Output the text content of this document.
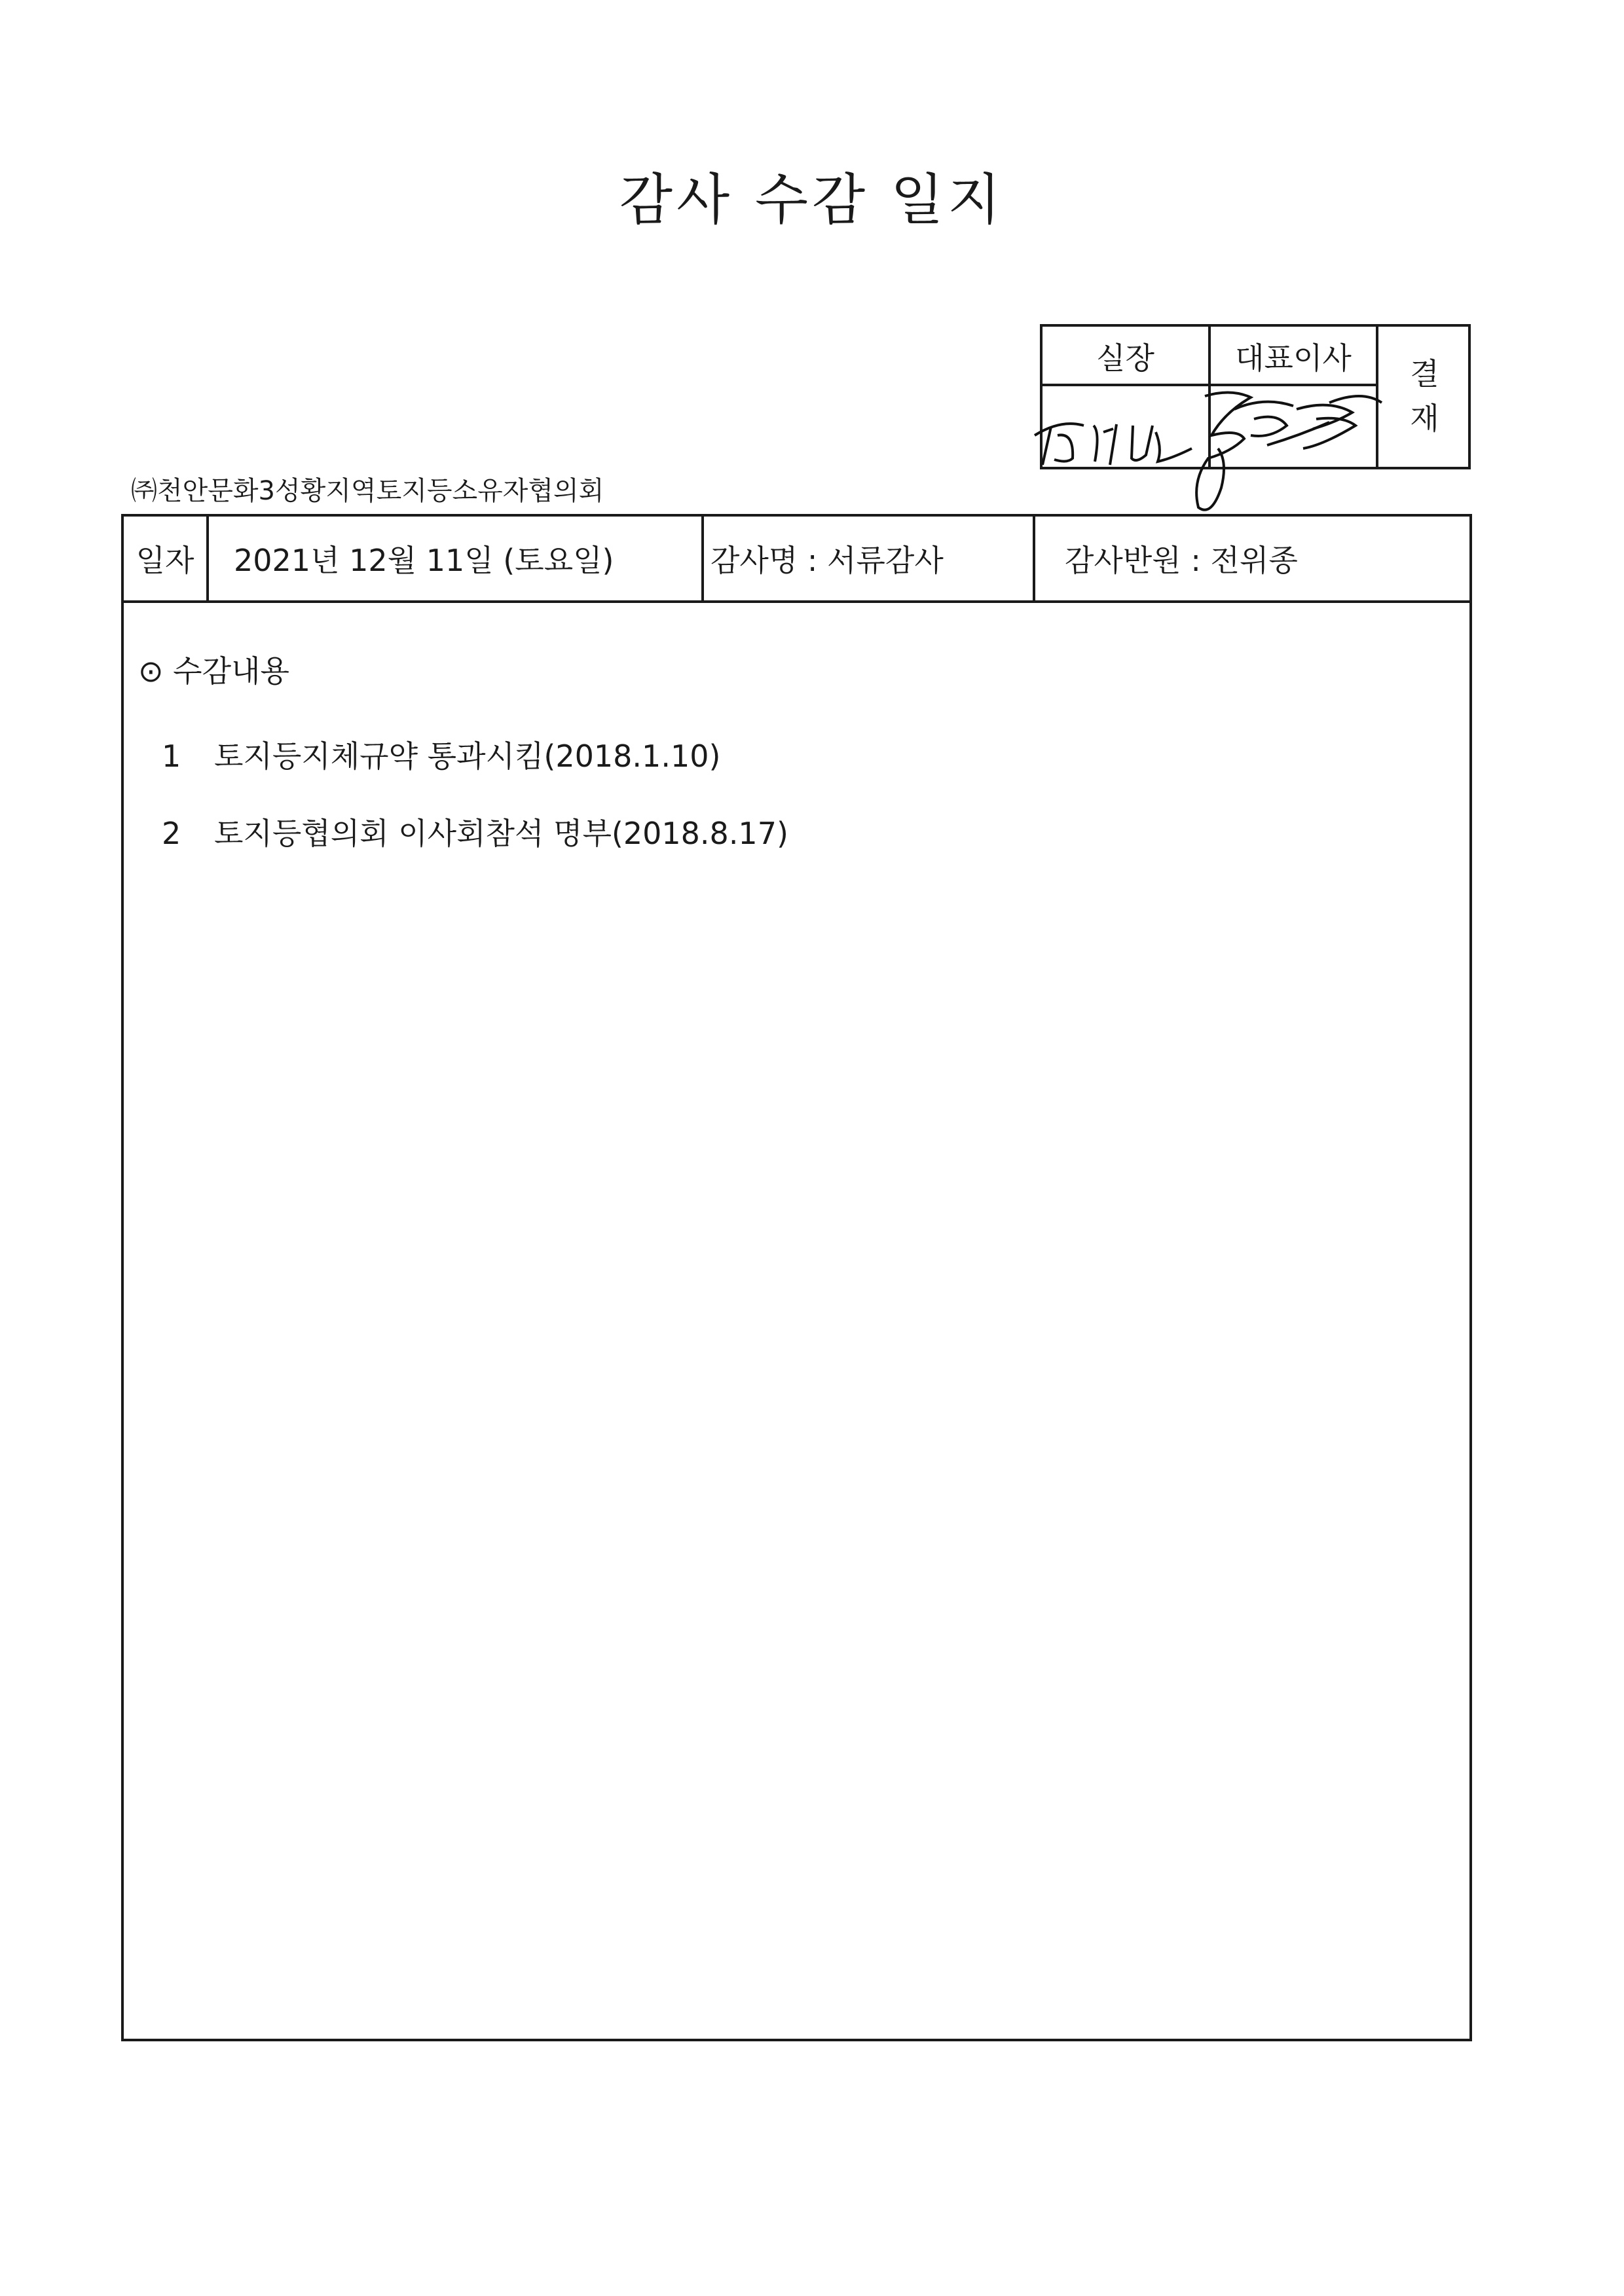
감사 수감 일지
실장	대표이사	결
재
㈜천안문화3성황지역토지등소유자협의회
일자	2021년 12월 11일 (토요일)	감사명 : 서류감사	감사반원 : 전위종
⊙ 수감내용
1 토지등지체규약 통과시킴(2018.1.10)
2 토지등협의회 이사회참석 명부(2018.8.17)
